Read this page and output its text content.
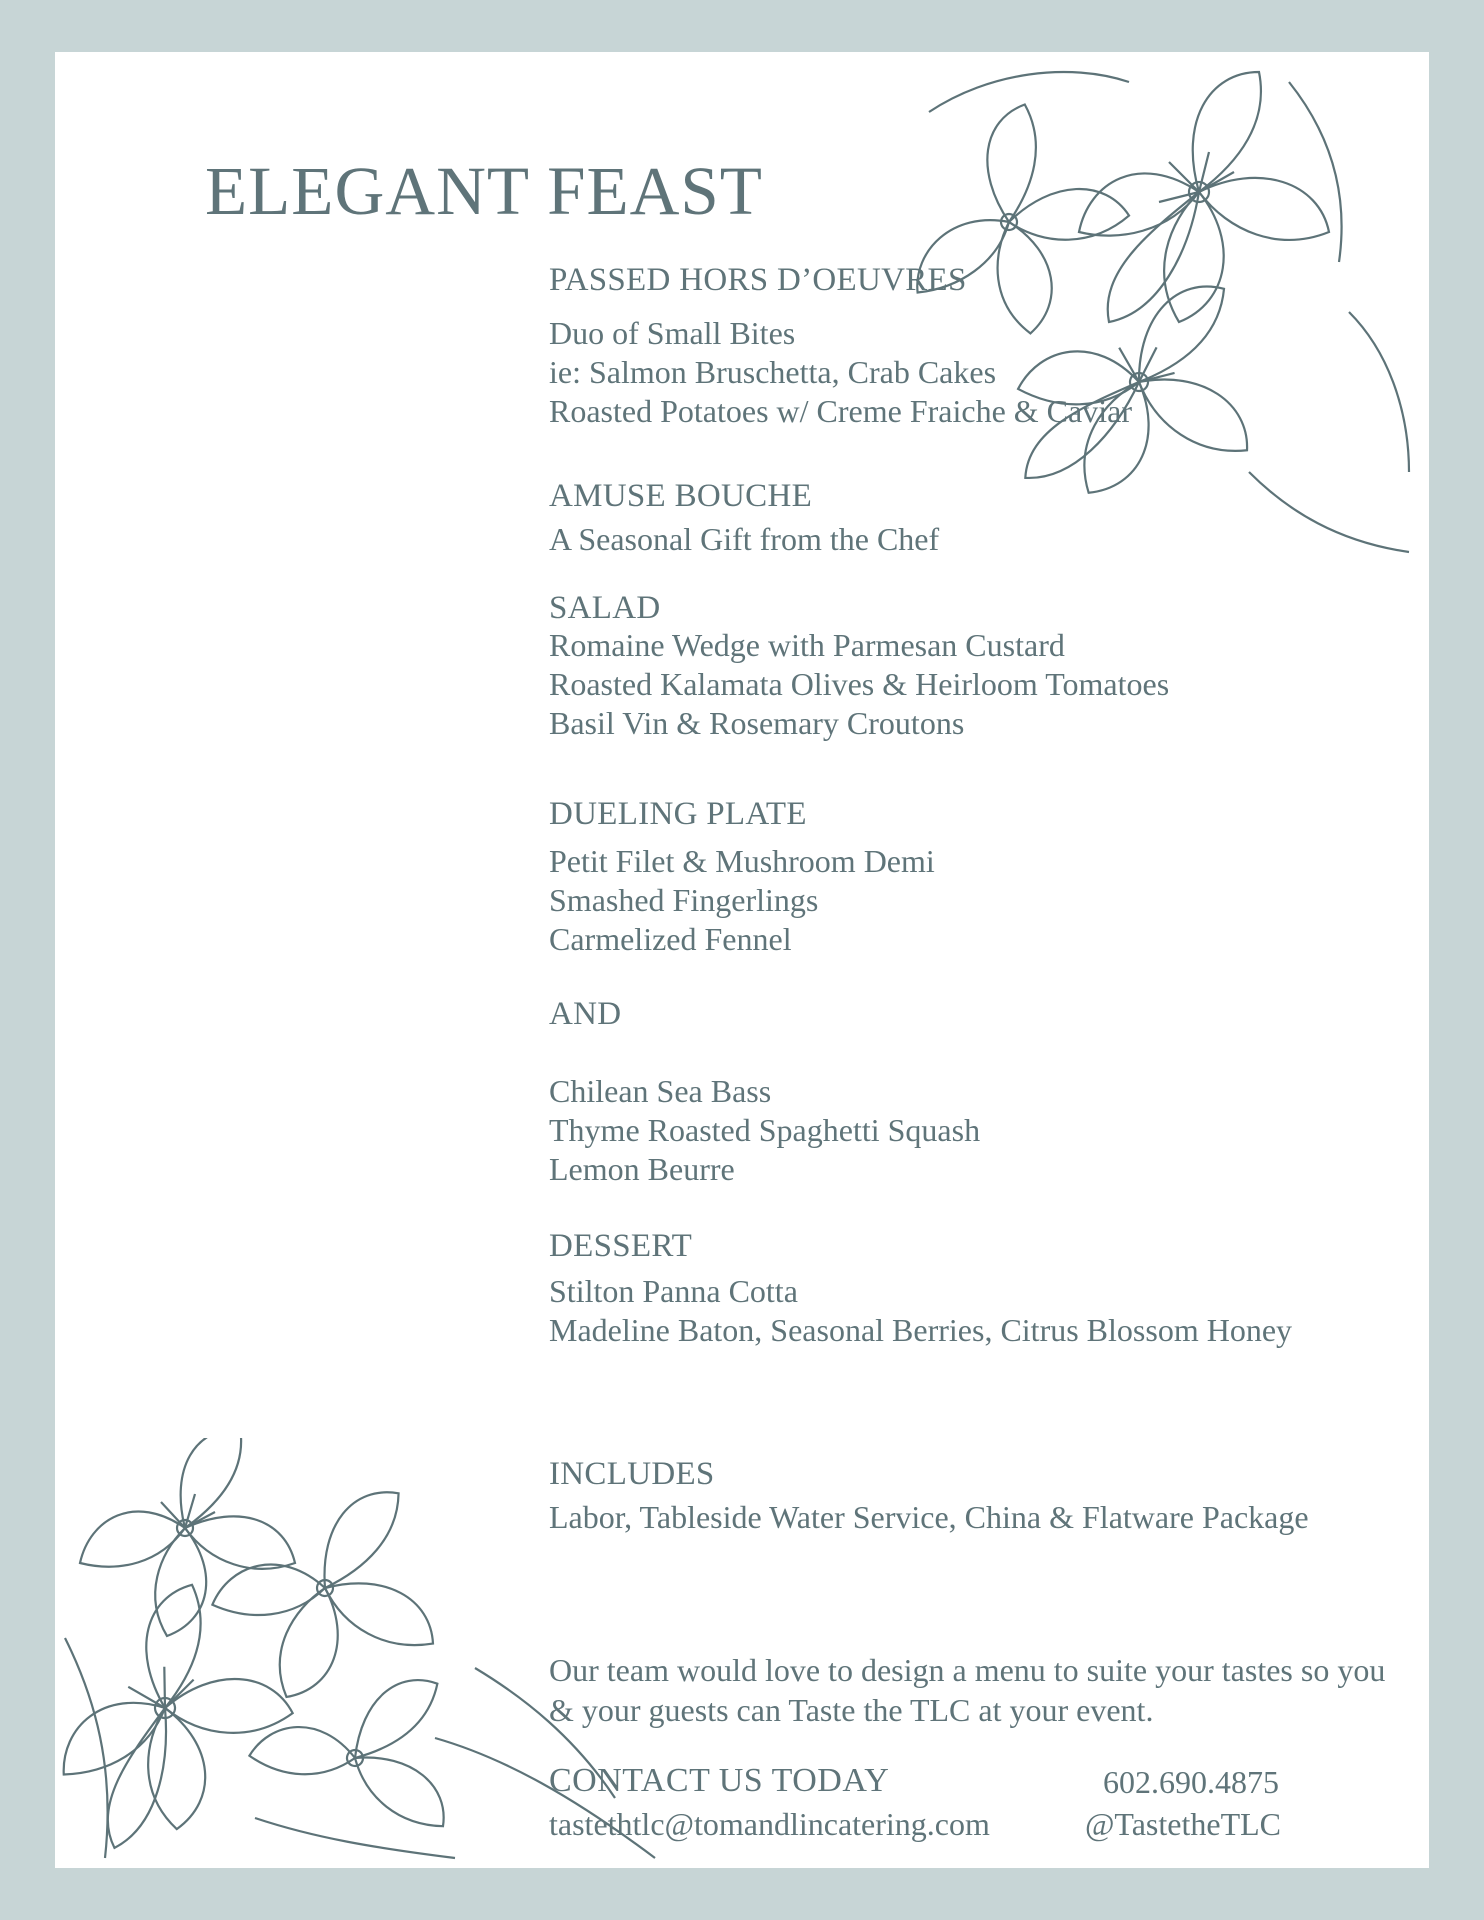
ELEGANT FEAST
PASSED HORS D’OEUVRES
Duo of Small Bites
ie: Salmon Bruschetta, Crab Cakes
Roasted Potatoes w/ Creme Fraiche & Caviar
AMUSE BOUCHE
A Seasonal Gift from the Chef
SALAD
Romaine Wedge with Parmesan Custard
Roasted Kalamata Olives & Heirloom Tomatoes
Basil Vin & Rosemary Croutons
DUELING PLATE
Petit Filet & Mushroom Demi
Smashed Fingerlings
Carmelized Fennel
AND
Chilean Sea Bass
Thyme Roasted Spaghetti Squash
Lemon Beurre
DESSERT
Stilton Panna Cotta
Madeline Baton, Seasonal Berries, Citrus Blossom Honey
INCLUDES
Labor, Tableside Water Service, China & Flatware Package

Our team would love to design a menu to suite your tastes so you & your guests can Taste the TLC at your event.

CONTACT US TODAY
tastethtlc@tomandlincatering.com
602.690.4875
@TastetheTLC
